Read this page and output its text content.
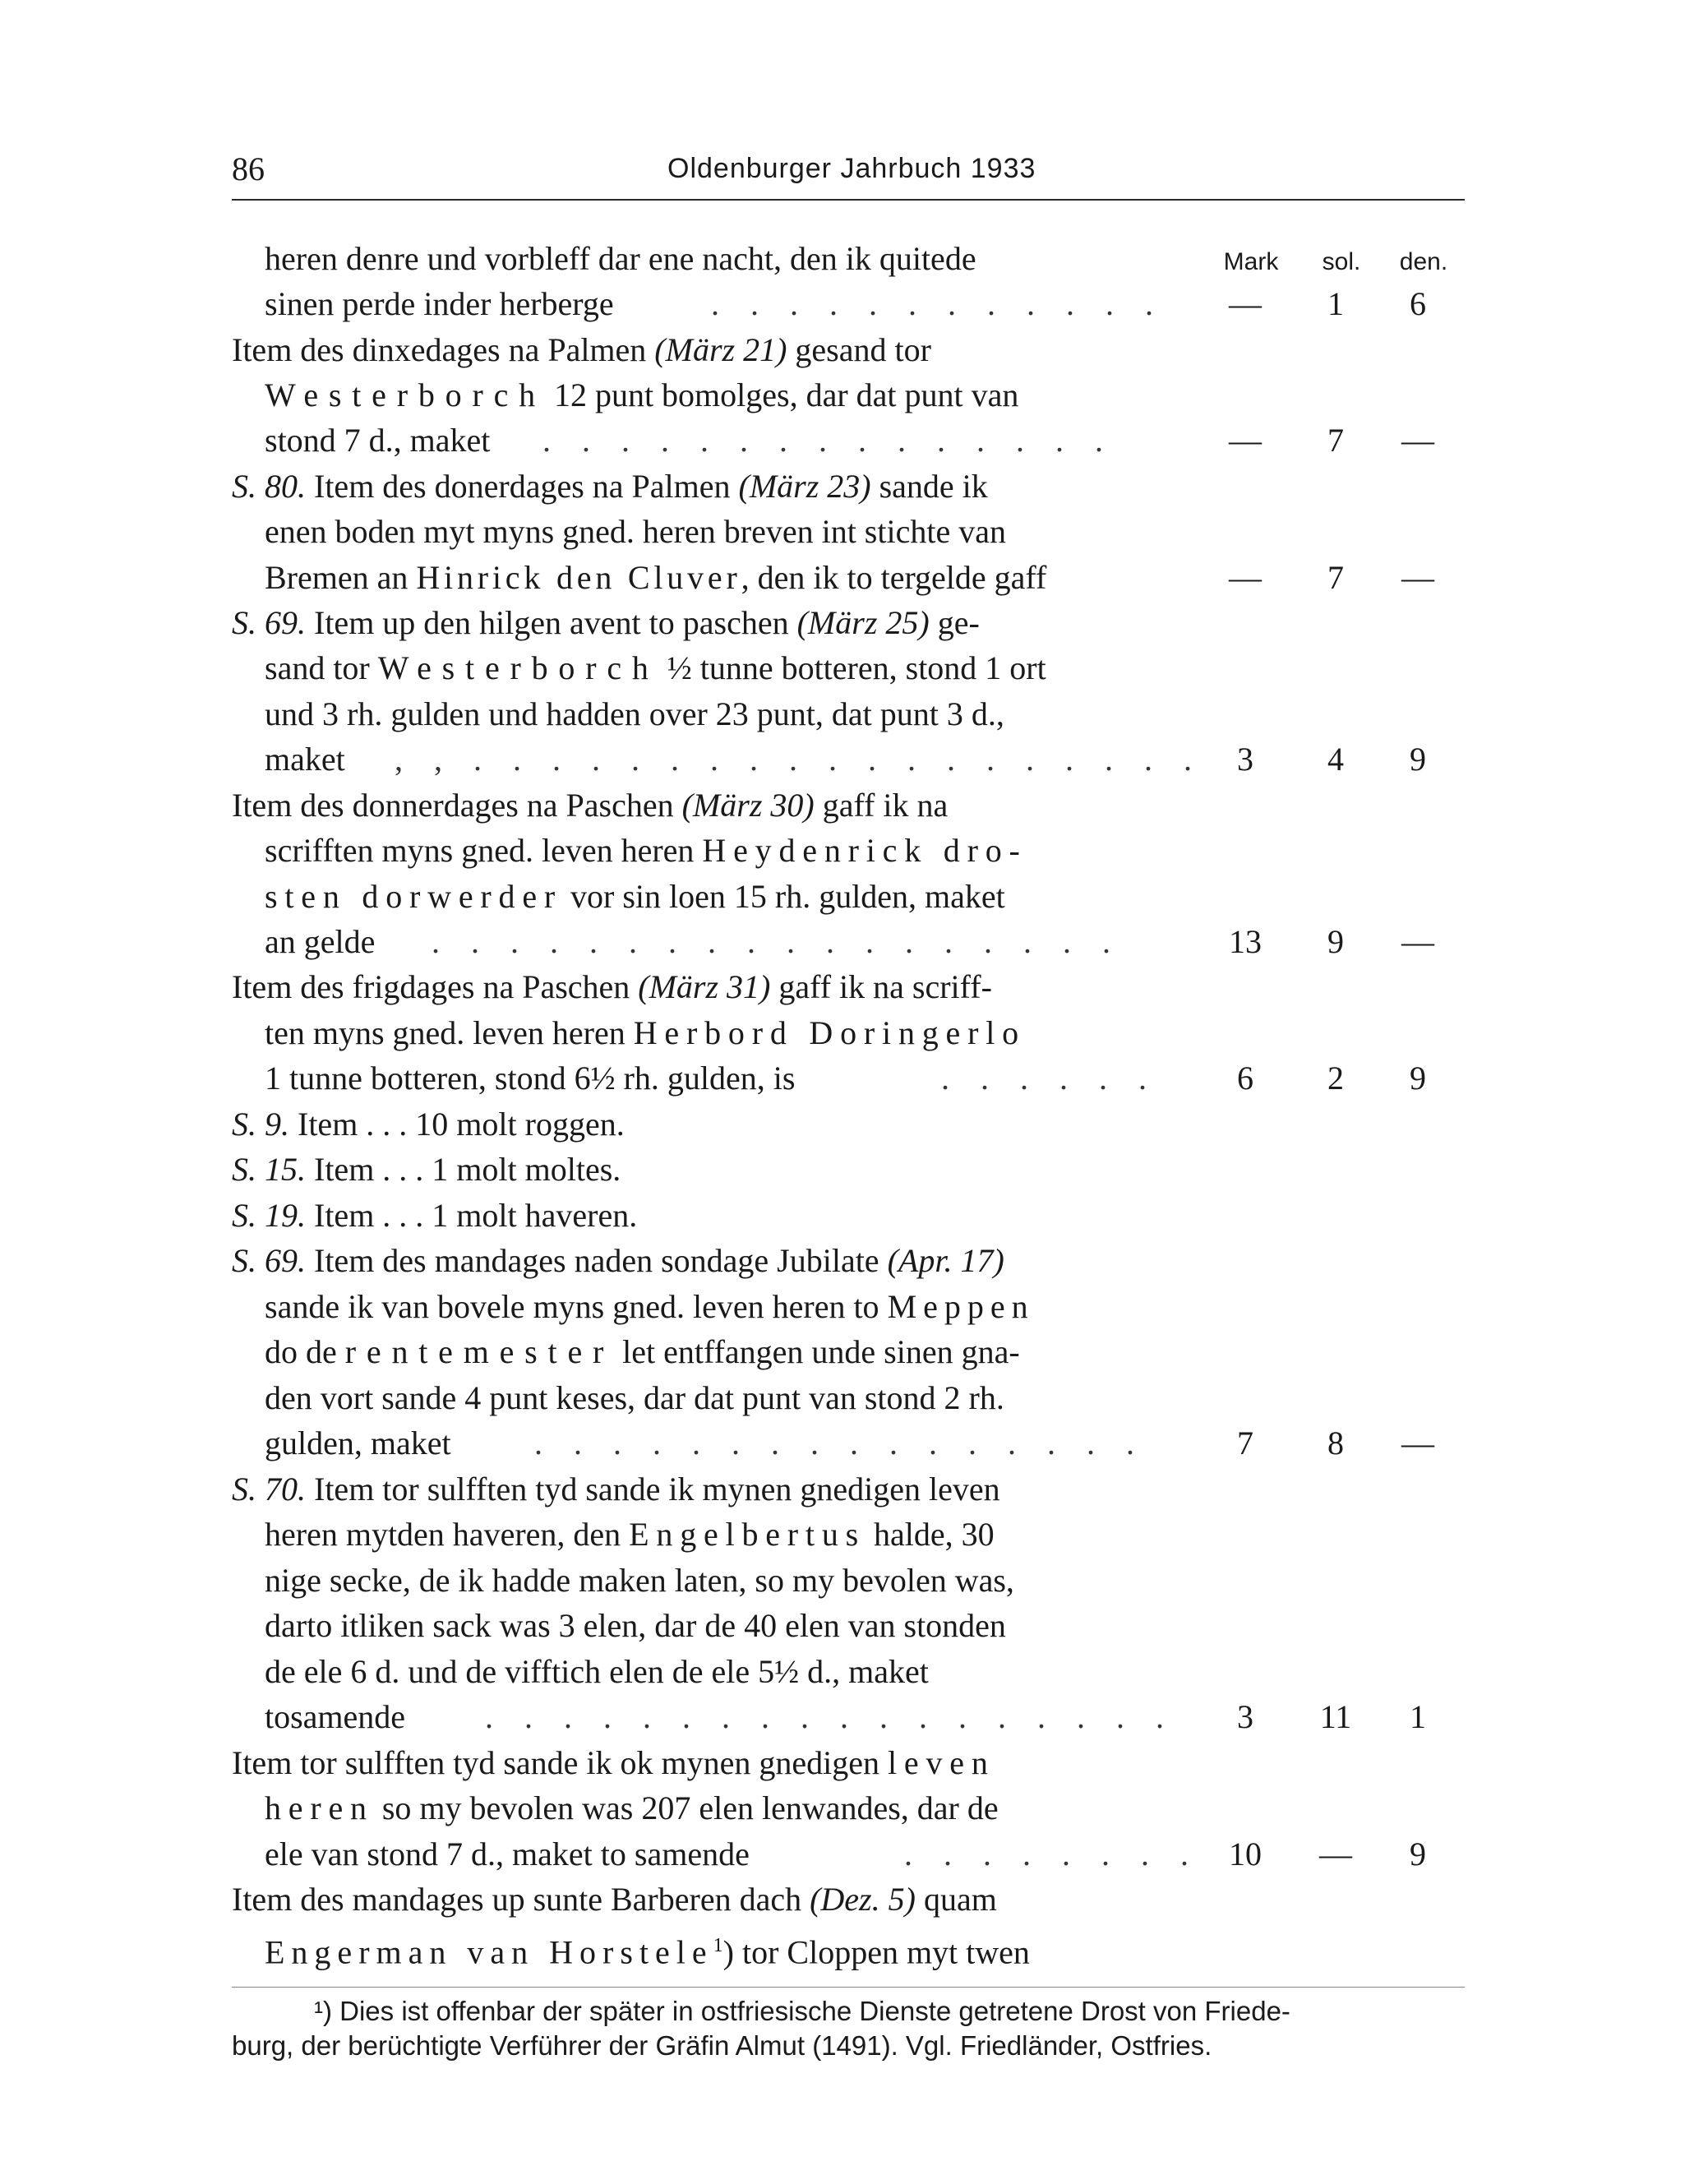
86	Oldenburger Jahrbuch 1933
heren denre und vorbleff dar ene nacht, den ik quitede	Mark	sol.	den.
sinen perde inder herberge	. . . . . . . . . . . .	—	1	6
Item des dinxedages na Palmen (März 21) gesand tor
Westerborch 12 punt bomolges, dar dat punt van
stond 7 d., maket . . . . . . . . . . . . . . .	—	7	—
S. 80. Item des donerdages na Palmen (März 23) sande ik
enen boden myt myns gned. heren breven int stichte van
Bremen an Hinrick den Cluver, den ik to tergelde gaff	—	7	—
S. 69. Item up den hilgen avent to paschen (März 25) ge-
sand tor Westerborch ½ tunne botteren, stond 1 ort
und 3 rh. gulden und hadden over 23 punt, dat punt 3 d.,
maket , , . . . . . . . . . . . . . . . . . . .	3	4	9
Item des donnerdages na Paschen (März 30) gaff ik na
scrifften myns gned. leven heren Heydenrick dro-
sten dorwerder vor sin loen 15 rh. gulden, maket
an gelde . . . . . . . . . . . . . . . . . .	13	9	—
Item des frigdages na Paschen (März 31) gaff ik na scriff-
ten myns gned. leven heren Herbord Doringerlo
1 tunne botteren, stond 6½ rh. gulden, is	. . . . . .	6	2	9
S. 9. Item . . . 10 molt roggen.
S. 15. Item . . . 1 molt moltes.
S. 19. Item . . . 1 molt haveren.
S. 69. Item des mandages naden sondage Jubilate (Apr. 17)
sande ik van bovele myns gned. leven heren to Meppen
do de rentemester let entffangen unde sinen gna-
den vort sande 4 punt keses, dar dat punt van stond 2 rh.
gulden, maket	. . . . . . . . . . . . . . . .	7	8	—
S. 70. Item tor sulfften tyd sande ik mynen gnedigen leven
heren mytden haveren, den Engelbertus halde, 30
nige secke, de ik hadde maken laten, so my bevolen was,
darto itliken sack was 3 elen, dar de 40 elen van stonden
de ele 6 d. und de vifftich elen de ele 5½ d., maket
tosamende . . . . . . . . . . . . . . . . . .	3	11	1
Item tor sulfften tyd sande ik ok mynen gnedigen leven
heren so my bevolen was 207 elen lenwandes, dar de
ele van stond 7 d., maket to samende	. . . . . . . . 10	—	9
Item des mandages up sunte Barberen dach (Dez. 5) quam
Engerman van Horstele$^1$) tor Cloppen myt twen
¹) Dies ist offenbar der später in ostfriesische Dienste getretene Drost von Friede-
burg, der berüchtigte Verführer der Gräfin Almut (1491). Vgl. Friedländer, Ostfries.
